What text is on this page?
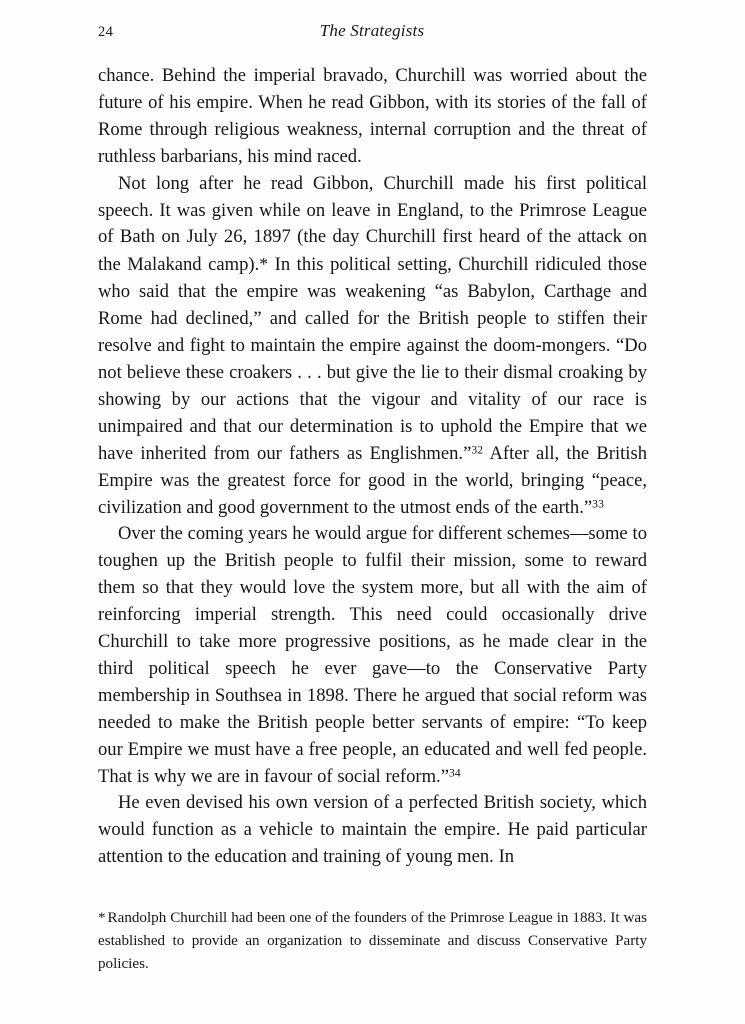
24	The Strategists

chance. Behind the imperial bravado, Churchill was worried about the future of his empire. When he read Gibbon, with its stories of the fall of Rome through religious weakness, internal corruption and the threat of ruthless barbarians, his mind raced.

Not long after he read Gibbon, Churchill made his first political speech. It was given while on leave in England, to the Primrose League of Bath on July 26, 1897 (the day Churchill first heard of the attack on the Malakand camp).* In this political setting, Churchill ridiculed those who said that the empire was weakening “as Babylon, Carthage and Rome had declined,” and called for the British people to stiffen their resolve and fight to maintain the empire against the doom-mongers. “Do not believe these croakers . . . but give the lie to their dismal croaking by showing by our actions that the vigour and vitality of our race is unimpaired and that our determination is to uphold the Empire that we have inherited from our fathers as Englishmen.”$^{32}$ After all, the British Empire was the greatest force for good in the world, bringing “peace, civilization and good government to the utmost ends of the earth.”$^{33}$

Over the coming years he would argue for different schemes—some to toughen up the British people to fulfil their mission, some to reward them so that they would love the system more, but all with the aim of reinforcing imperial strength. This need could occasionally drive Churchill to take more progressive positions, as he made clear in the third political speech he ever gave—to the Conservative Party membership in Southsea in 1898. There he argued that social reform was needed to make the British people better servants of empire: “To keep our Empire we must have a free people, an educated and well fed people. That is why we are in favour of social reform.”$^{34}$

He even devised his own version of a perfected British society, which would function as a vehicle to maintain the empire. He paid particular attention to the education and training of young men. In

* Randolph Churchill had been one of the founders of the Primrose League in 1883. It was established to provide an organization to disseminate and discuss Conservative Party policies.
